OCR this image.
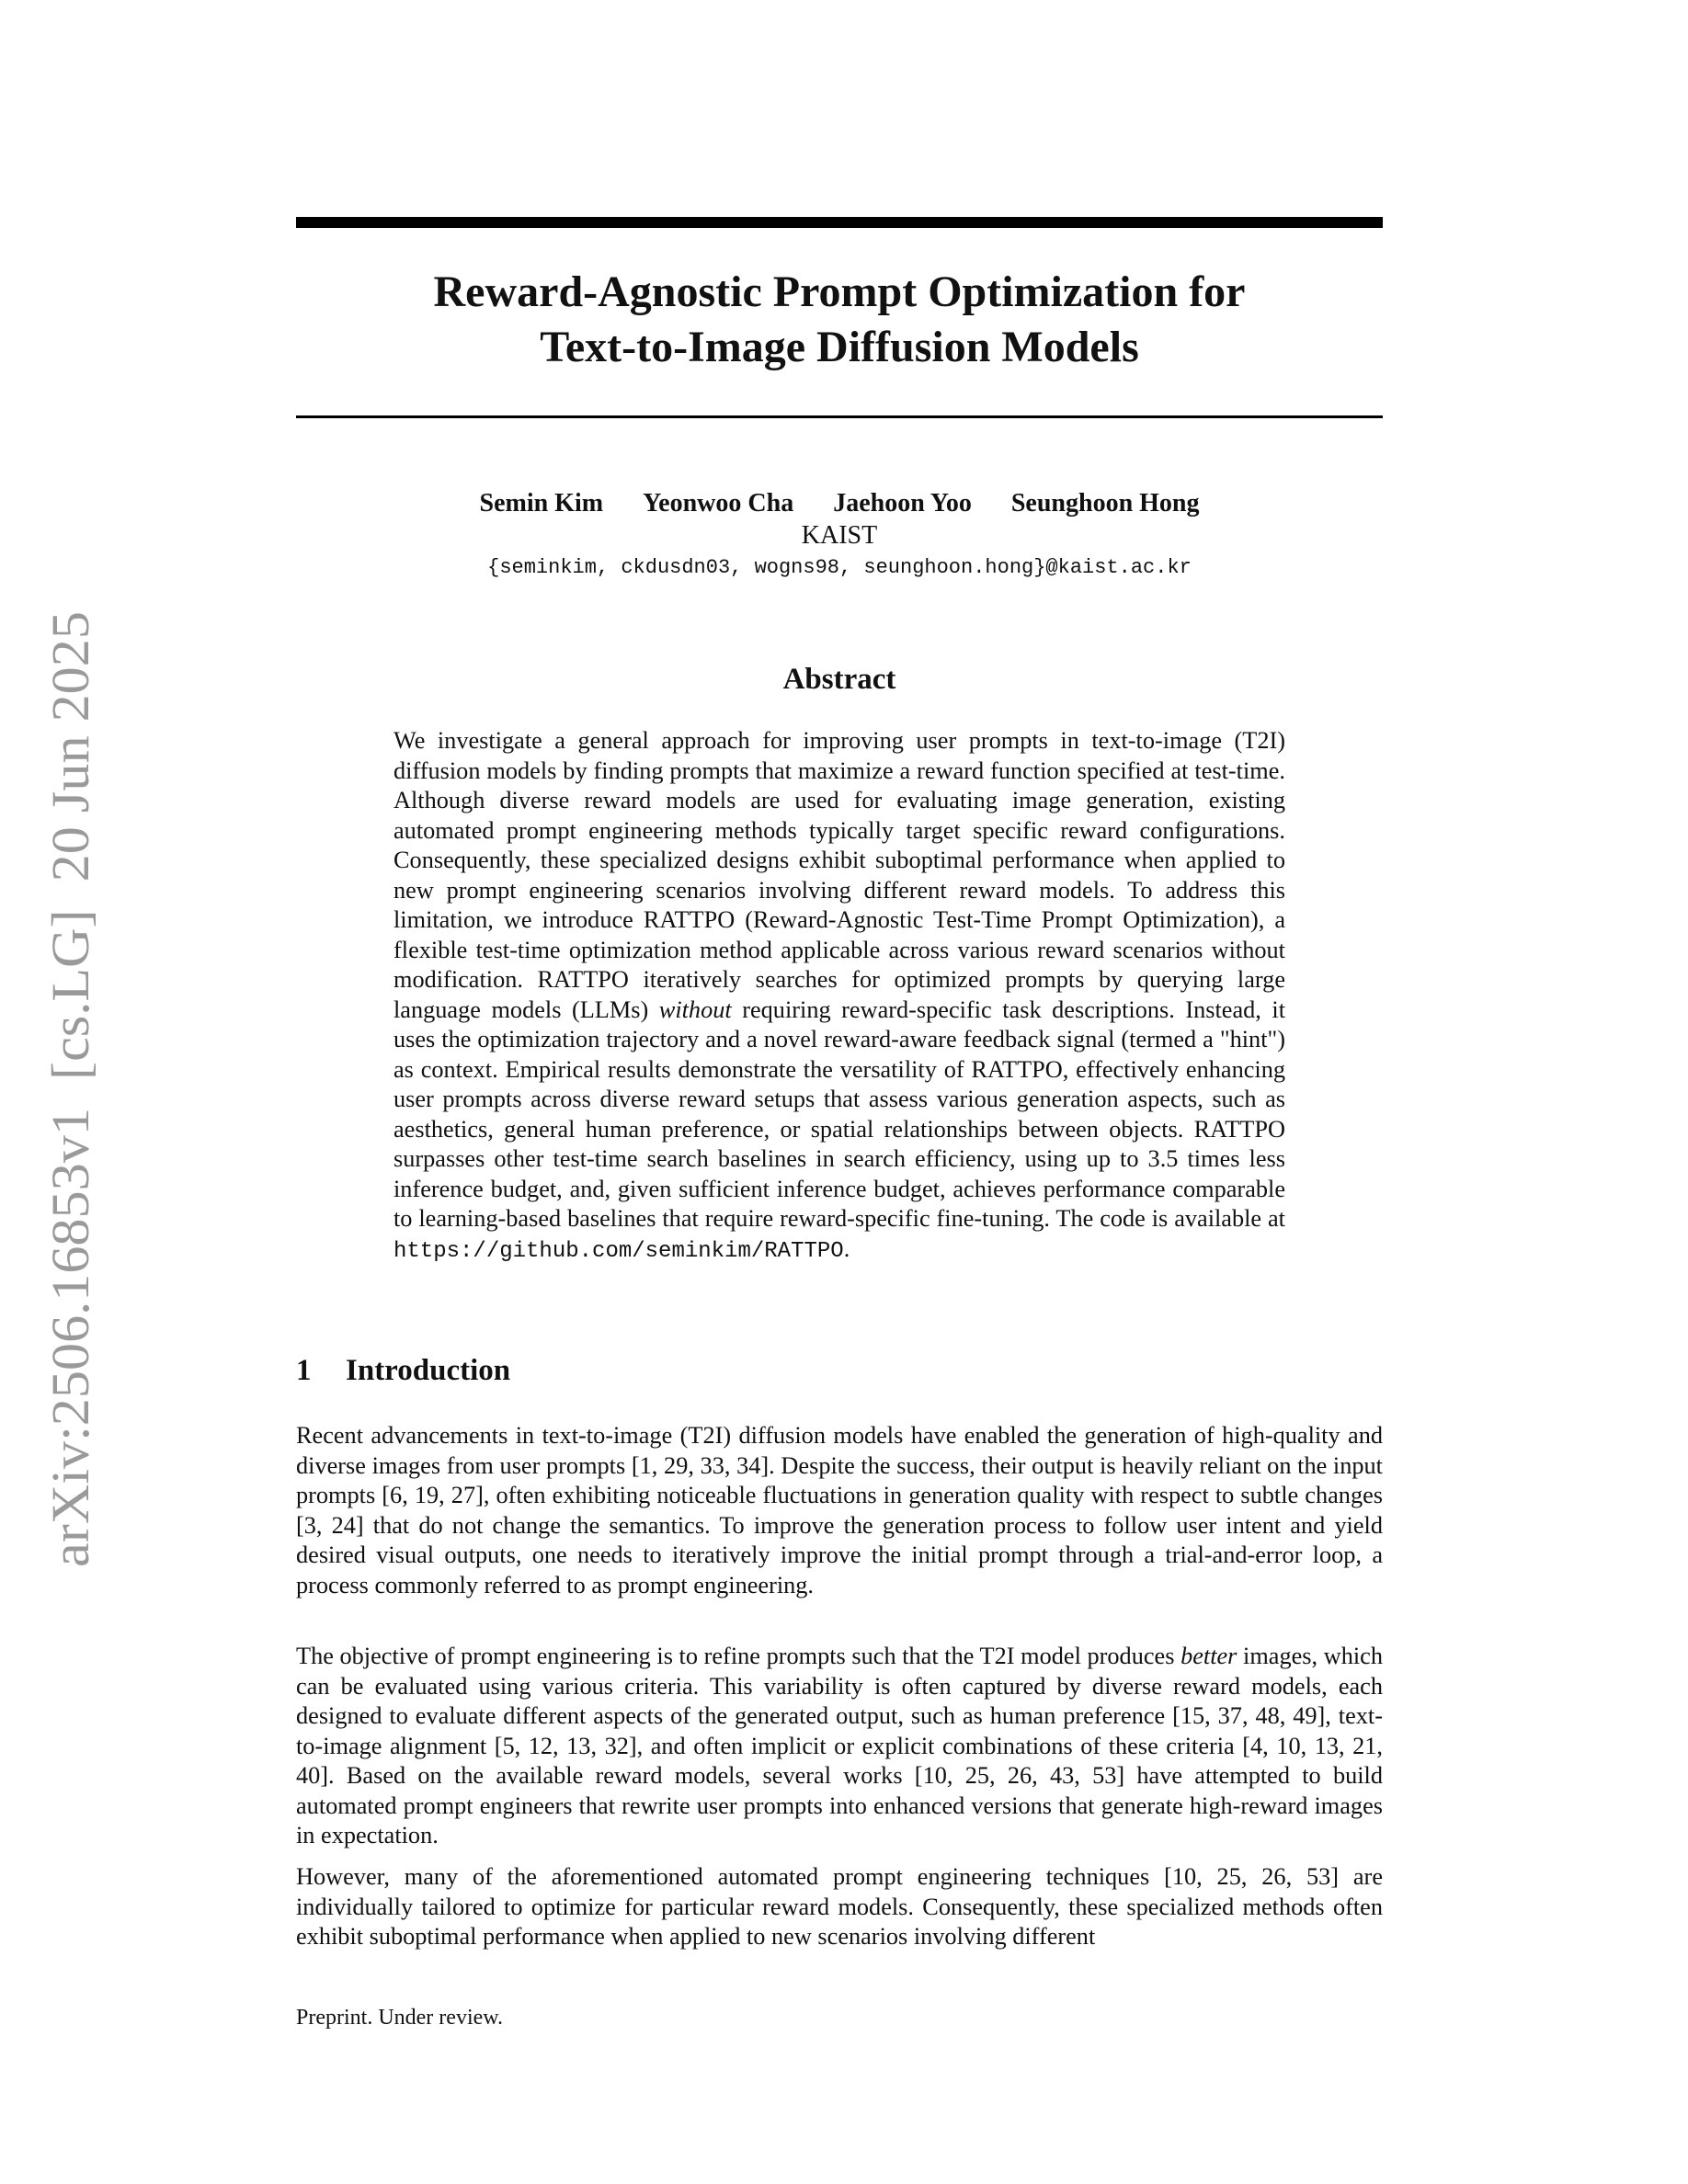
arXiv:2506.16853v1  [cs.LG]  20 Jun 2025
Reward-Agnostic Prompt Optimization for
Text-to-Image Diffusion Models
Semin Kim Yeonwoo Cha Jaehoon Yoo Seunghoon Hong
KAIST
{seminkim, ckdusdn03, wogns98, seunghoon.hong}@kaist.ac.kr
Abstract
We investigate a general approach for improving user prompts in text-to-image (T2I) diffusion models by finding prompts that maximize a reward function specified at test-time. Although diverse reward models are used for evaluating image generation, existing automated prompt engineering methods typically target specific reward configurations. Consequently, these specialized designs exhibit suboptimal performance when applied to new prompt engineering scenarios involving different reward models. To address this limitation, we introduce RATTPO (Reward-Agnostic Test-Time Prompt Optimization), a flexible test-time optimization method applicable across various reward scenarios without modification. RATTPO iteratively searches for optimized prompts by querying large language models (LLMs) without requiring reward-specific task descriptions. Instead, it uses the optimization trajectory and a novel reward-aware feedback signal (termed a "hint") as context. Empirical results demonstrate the versatility of RATTPO, effectively enhancing user prompts across diverse reward setups that assess various generation aspects, such as aesthetics, general human preference, or spatial relationships between objects. RATTPO surpasses other test-time search baselines in search efficiency, using up to 3.5 times less inference budget, and, given sufficient inference budget, achieves performance comparable to learning-based baselines that require reward-specific fine-tuning. The code is available at https://github.com/seminkim/RATTPO.
1 Introduction
Recent advancements in text-to-image (T2I) diffusion models have enabled the generation of high-quality and diverse images from user prompts [1, 29, 33, 34]. Despite the success, their output is heavily reliant on the input prompts [6, 19, 27], often exhibiting noticeable fluctuations in generation quality with respect to subtle changes [3, 24] that do not change the semantics. To improve the generation process to follow user intent and yield desired visual outputs, one needs to iteratively improve the initial prompt through a trial-and-error loop, a process commonly referred to as prompt engineering.
The objective of prompt engineering is to refine prompts such that the T2I model produces better images, which can be evaluated using various criteria. This variability is often captured by diverse reward models, each designed to evaluate different aspects of the generated output, such as human preference [15, 37, 48, 49], text-to-image alignment [5, 12, 13, 32], and often implicit or explicit combinations of these criteria [4, 10, 13, 21, 40]. Based on the available reward models, several works [10, 25, 26, 43, 53] have attempted to build automated prompt engineers that rewrite user prompts into enhanced versions that generate high-reward images in expectation.
However, many of the aforementioned automated prompt engineering techniques [10, 25, 26, 53] are individually tailored to optimize for particular reward models. Consequently, these specialized methods often exhibit suboptimal performance when applied to new scenarios involving different
Preprint. Under review.
